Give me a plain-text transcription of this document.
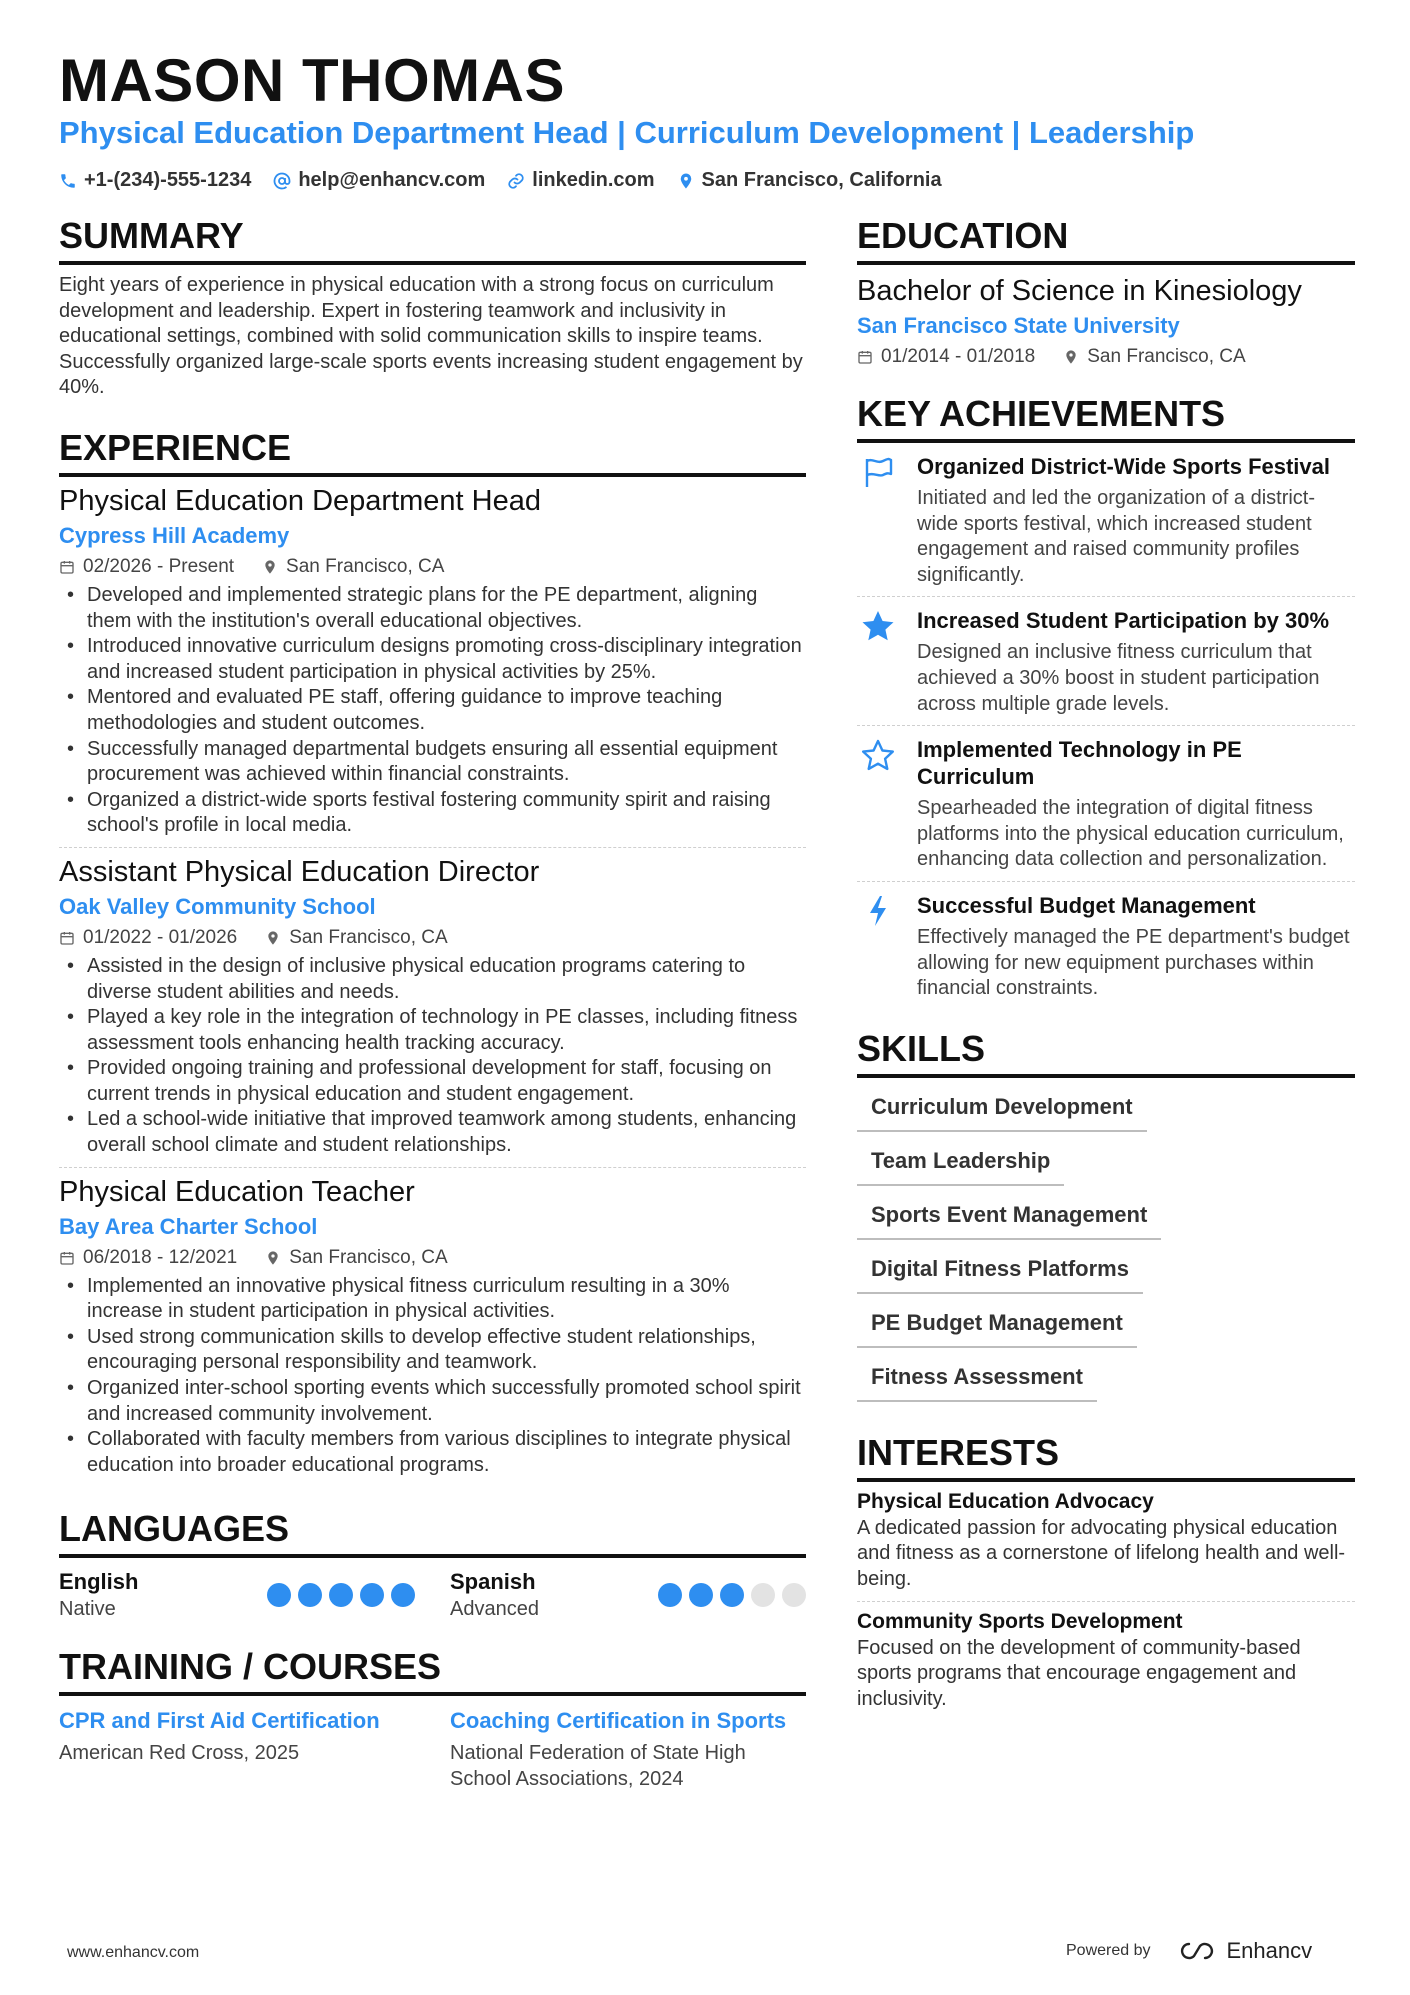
MASON THOMAS
Physical Education Department Head | Curriculum Development | Leadership
+1-(234)-555-1234 help@enhancv.com linkedin.com San Francisco, California
SUMMARY

Eight years of experience in physical education with a strong focus on curriculum development and leadership. Expert in fostering teamwork and inclusivity in educational settings, combined with solid communication skills to inspire teams. Successfully organized large-scale sports events increasing student engagement by 40%.

EXPERIENCE
Physical Education Department Head
Cypress Hill Academy
02/2026 - Present	San Francisco, CA
• Developed and implemented strategic plans for the PE department, aligning them with the institution's overall educational objectives.
• Introduced innovative curriculum designs promoting cross-disciplinary integration and increased student participation in physical activities by 25%.
• Mentored and evaluated PE staff, offering guidance to improve teaching methodologies and student outcomes.
• Successfully managed departmental budgets ensuring all essential equipment procurement was achieved within financial constraints.
• Organized a district-wide sports festival fostering community spirit and raising school's profile in local media.
Assistant Physical Education Director
Oak Valley Community School
01/2022 - 01/2026	San Francisco, CA
• Assisted in the design of inclusive physical education programs catering to diverse student abilities and needs.
• Played a key role in the integration of technology in PE classes, including fitness assessment tools enhancing health tracking accuracy.
• Provided ongoing training and professional development for staff, focusing on current trends in physical education and student engagement.
• Led a school-wide initiative that improved teamwork among students, enhancing overall school climate and student relationships.
Physical Education Teacher
Bay Area Charter School
06/2018 - 12/2021	San Francisco, CA
• Implemented an innovative physical fitness curriculum resulting in a 30% increase in student participation in physical activities.
• Used strong communication skills to develop effective student relationships, encouraging personal responsibility and teamwork.
• Organized inter-school sporting events which successfully promoted school spirit and increased community involvement.
• Collaborated with faculty members from various disciplines to integrate physical education into broader educational programs.
LANGUAGES
English
Native
Spanish
Advanced
TRAINING / COURSES
CPR and First Aid Certification
American Red Cross, 2025
Coaching Certification in Sports
National Federation of State High School Associations, 2024
EDUCATION
Bachelor of Science in Kinesiology
San Francisco State University
01/2014 - 01/2018	San Francisco, CA
KEY ACHIEVEMENTS
Organized District-Wide Sports Festival
Initiated and led the organization of a district-wide sports festival, which increased student engagement and raised community profiles significantly.
Increased Student Participation by 30%
Designed an inclusive fitness curriculum that achieved a 30% boost in student participation across multiple grade levels.
Implemented Technology in PE Curriculum
Spearheaded the integration of digital fitness platforms into the physical education curriculum, enhancing data collection and personalization.
Successful Budget Management
Effectively managed the PE department's budget allowing for new equipment purchases within financial constraints.
SKILLS
Curriculum Development
Team Leadership
Sports Event Management
Digital Fitness Platforms
PE Budget Management
Fitness Assessment
INTERESTS
Physical Education Advocacy

A dedicated passion for advocating physical education and fitness as a cornerstone of lifelong health and well-being.

Community Sports Development

Focused on the development of community-based sports programs that encourage engagement and inclusivity.

www.enhancv.com	Powered by	Enhancv
